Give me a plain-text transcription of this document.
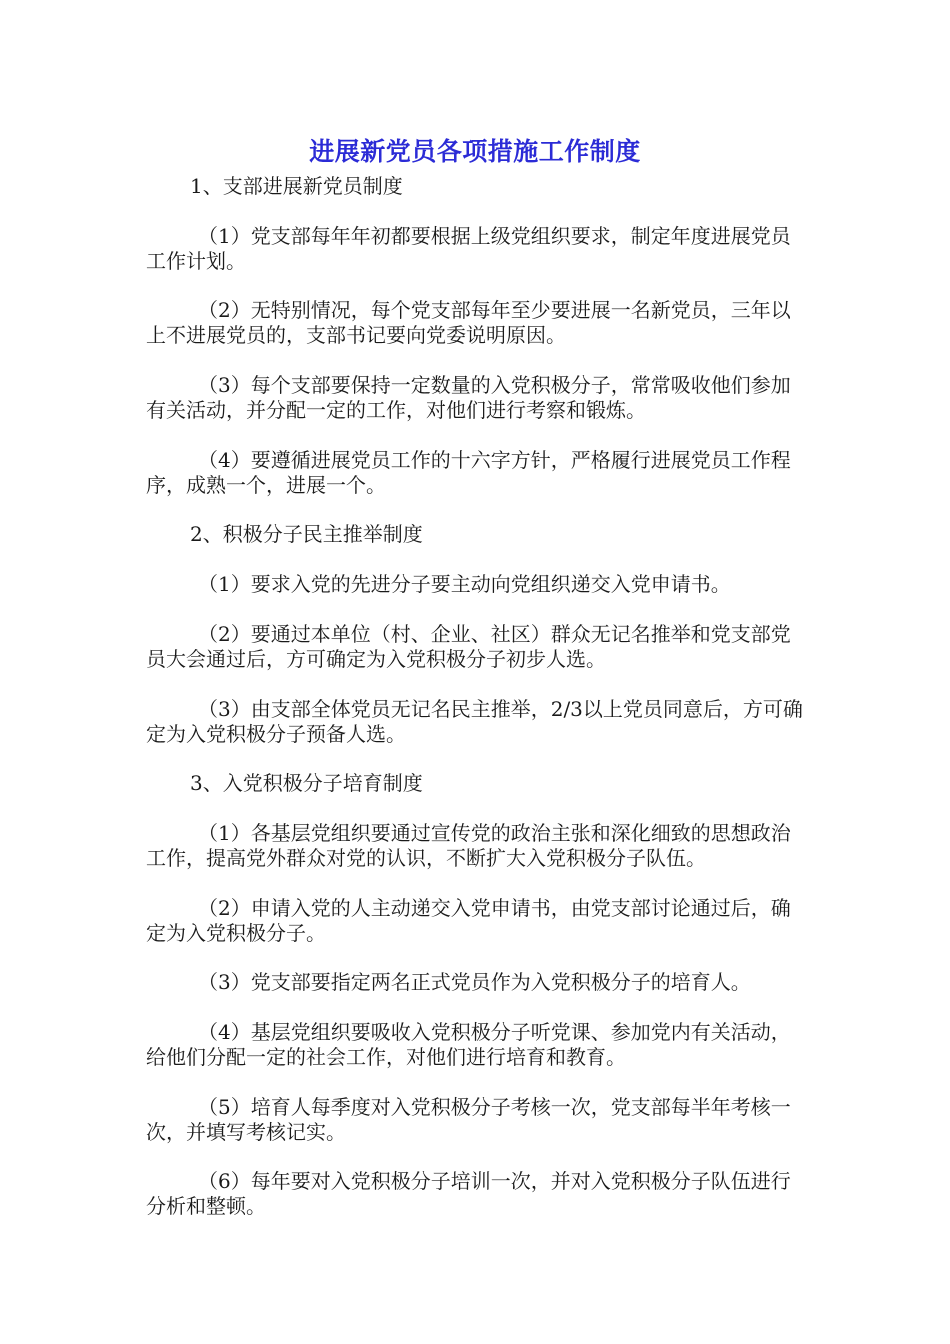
进展新党员各项措施工作制度
1、支部进展新党员制度
（1）党支部每年年初都要根据上级党组织要求，制定年度进展党员工作计划。
（2）无特别情况，每个党支部每年至少要进展一名新党员，三年以上不进展党员的，支部书记要向党委说明原因。
（3）每个支部要保持一定数量的入党积极分子，常常吸收他们参加有关活动，并分配一定的工作，对他们进行考察和锻炼。
（4）要遵循进展党员工作的十六字方针，严格履行进展党员工作程序，成熟一个，进展一个。
2、积极分子民主推举制度
（1）要求入党的先进分子要主动向党组织递交入党申请书。
（2）要通过本单位（村、企业、社区）群众无记名推举和党支部党员大会通过后，方可确定为入党积极分子初步人选。
（3）由支部全体党员无记名民主推举，2/3以上党员同意后，方可确定为入党积极分子预备人选。
3、入党积极分子培育制度
（1）各基层党组织要通过宣传党的政治主张和深化细致的思想政治工作，提高党外群众对党的认识，不断扩大入党积极分子队伍。
（2）申请入党的人主动递交入党申请书，由党支部讨论通过后，确定为入党积极分子。
（3）党支部要指定两名正式党员作为入党积极分子的培育人。
（4）基层党组织要吸收入党积极分子听党课、参加党内有关活动，给他们分配一定的社会工作，对他们进行培育和教育。
（5）培育人每季度对入党积极分子考核一次，党支部每半年考核一次，并填写考核记实。
（6）每年要对入党积极分子培训一次，并对入党积极分子队伍进行分析和整顿。
